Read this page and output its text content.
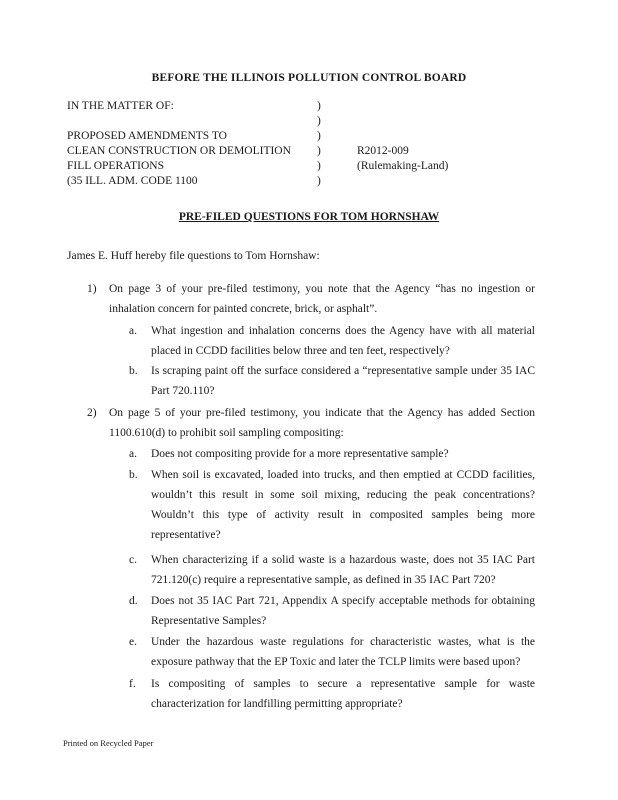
BEFORE THE ILLINOIS POLLUTION CONTROL BOARD
IN THE MATTER OF:
PROPOSED AMENDMENTS TO
CLEAN CONSTRUCTION OR DEMOLITION
FILL OPERATIONS
(35 ILL. ADM. CODE 1100
)
)
)
)
)
)
R2012-009
(Rulemaking-Land)
PRE-FILED QUESTIONS FOR TOM HORNSHAW
James E. Huff hereby file questions to Tom Hornshaw:
1) On page 3 of your pre-filed testimony, you note that the Agency “has no ingestion or inhalation concern for painted concrete, brick, or asphalt”.
a. What ingestion and inhalation concerns does the Agency have with all material placed in CCDD facilities below three and ten feet, respectively?
b. Is scraping paint off the surface considered a “representative sample under 35 IAC Part 720.110?
2) On page 5 of your pre-filed testimony, you indicate that the Agency has added Section 1100.610(d) to prohibit soil sampling compositing:
a. Does not compositing provide for a more representative sample?
b. When soil is excavated, loaded into trucks, and then emptied at CCDD facilities, wouldn’t this result in some soil mixing, reducing the peak concentrations? Wouldn’t this type of activity result in composited samples being more representative?
c. When characterizing if a solid waste is a hazardous waste, does not 35 IAC Part 721.120(c) require a representative sample, as defined in 35 IAC Part 720?
d. Does not 35 IAC Part 721, Appendix A specify acceptable methods for obtaining Representative Samples?
e. Under the hazardous waste regulations for characteristic wastes, what is the exposure pathway that the EP Toxic and later the TCLP limits were based upon?
f. Is compositing of samples to secure a representative sample for waste characterization for landfilling permitting appropriate?
Printed on Recycled Paper
